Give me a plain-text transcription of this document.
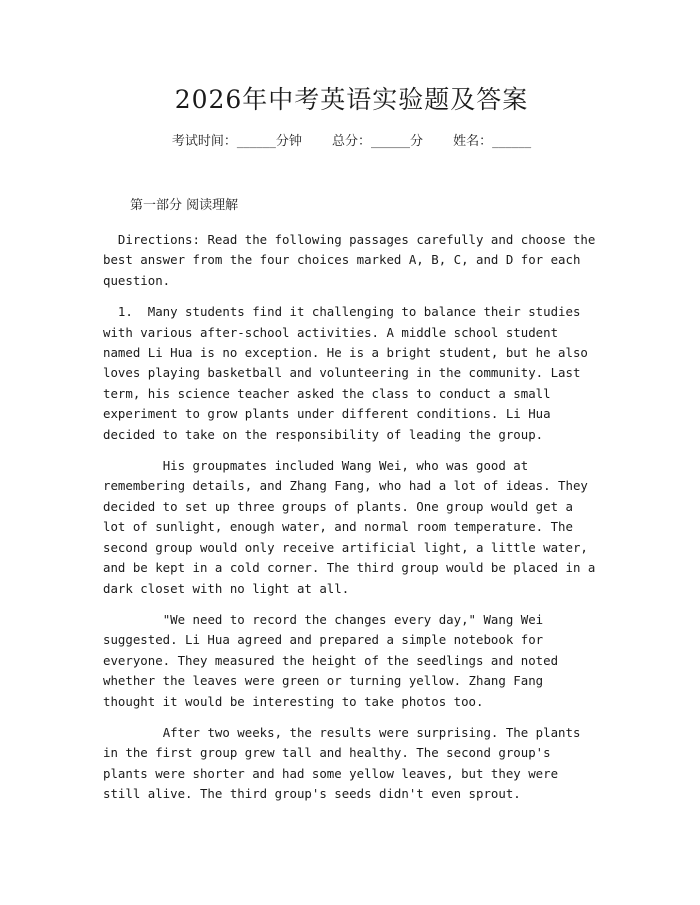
2026年中考英语实验题及答案
考试时间：______分钟 总分：______分 姓名：______
第一部分 阅读理解

Directions: Read the following passages carefully and choose the best answer from the four choices marked A, B, C, and D for each question.

1.  Many students find it challenging to balance their studies with various after-school activities. A middle school student named Li Hua is no exception. He is a bright student, but he also loves playing basketball and volunteering in the community. Last term, his science teacher asked the class to conduct a small experiment to grow plants under different conditions. Li Hua decided to take on the responsibility of leading the group.

His groupmates included Wang Wei, who was good at remembering details, and Zhang Fang, who had a lot of ideas. They decided to set up three groups of plants. One group would get a lot of sunlight, enough water, and normal room temperature. The second group would only receive artificial light, a little water, and be kept in a cold corner. The third group would be placed in a dark closet with no light at all.

"We need to record the changes every day," Wang Wei suggested. Li Hua agreed and prepared a simple notebook for everyone. They measured the height of the seedlings and noted whether the leaves were green or turning yellow. Zhang Fang thought it would be interesting to take photos too.

After two weeks, the results were surprising. The plants in the first group grew tall and healthy. The second group's plants were shorter and had some yellow leaves, but they were still alive. The third group's seeds didn't even sprout.
